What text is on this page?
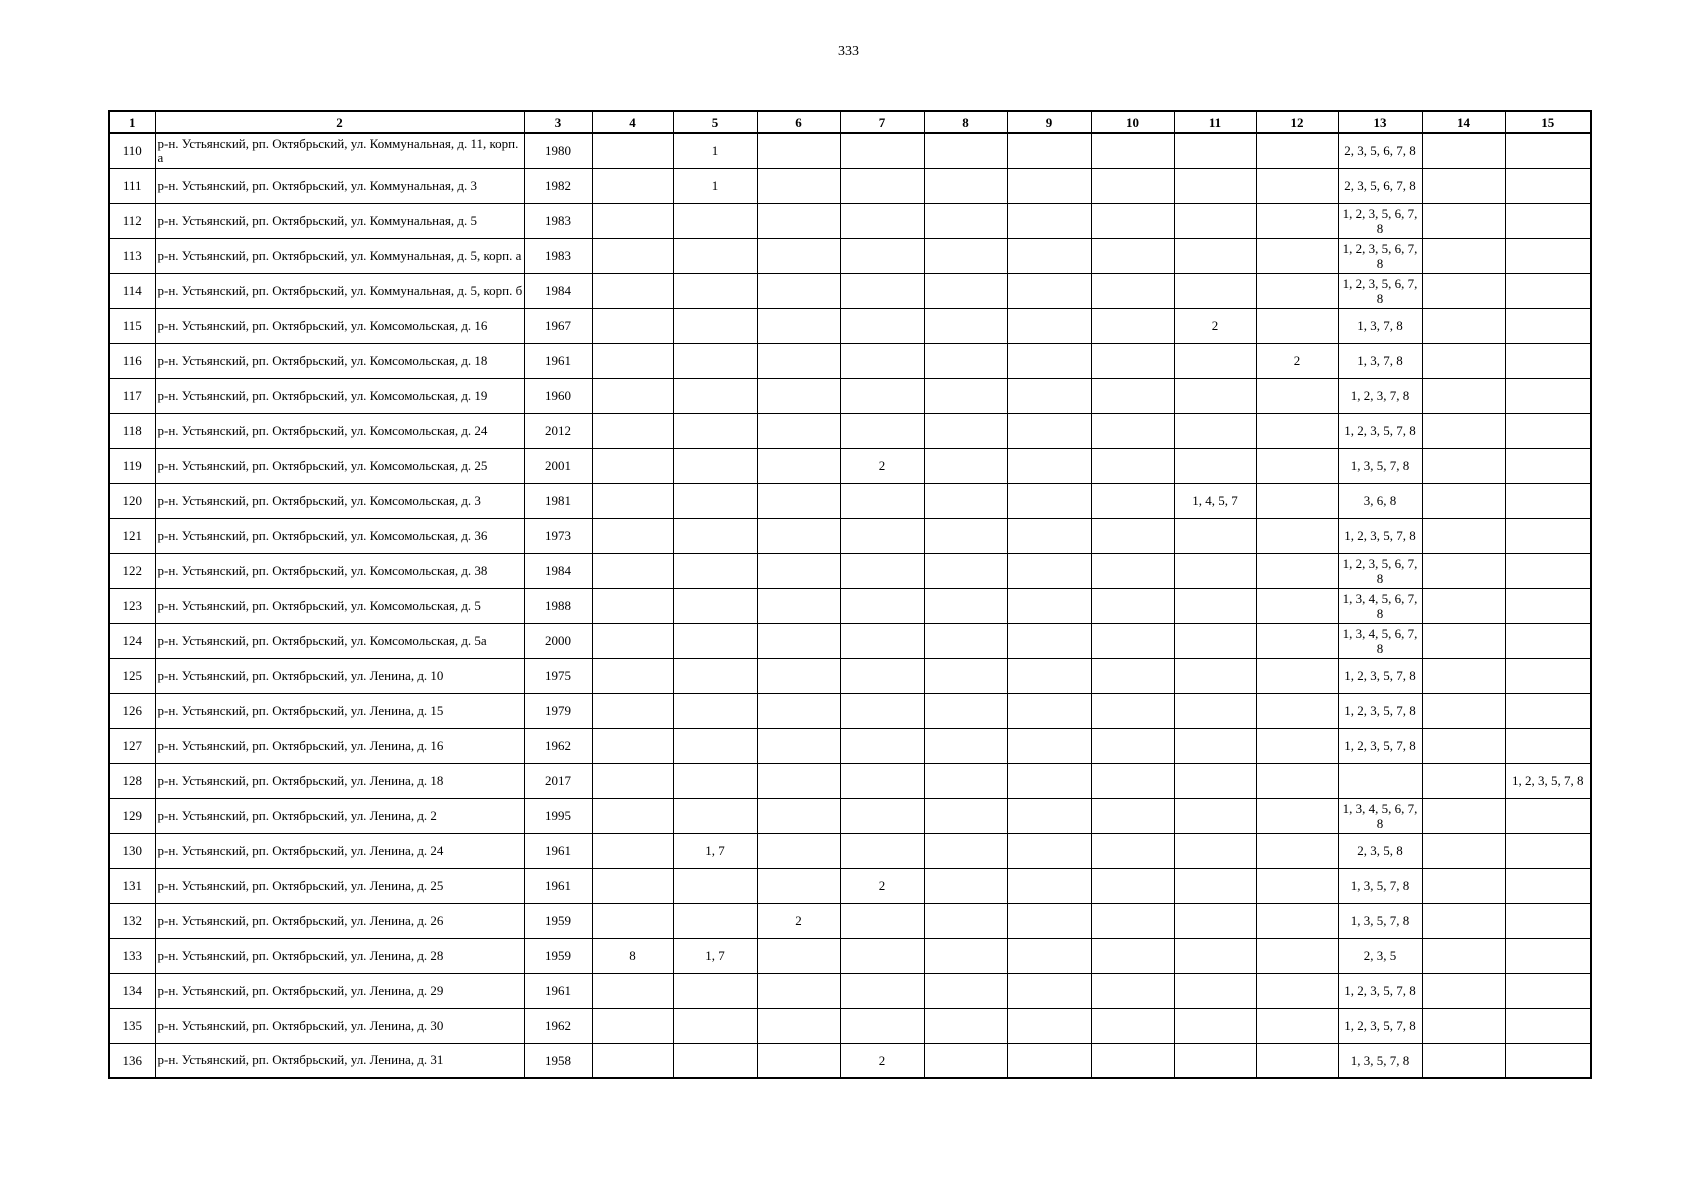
333
1	2	3	4	5	6	7	8	9	10	11	12	13	14	15
110	р-н. Устьянский, рп. Октябрьский, ул. Коммунальная, д. 11, корп. а	1980		1								2, 3, 5, 6, 7, 8		
111	р-н. Устьянский, рп. Октябрьский, ул. Коммунальная, д. 3	1982		1								2, 3, 5, 6, 7, 8		
112	р-н. Устьянский, рп. Октябрьский, ул. Коммунальная, д. 5	1983										1, 2, 3, 5, 6, 7, 8		
113	р-н. Устьянский, рп. Октябрьский, ул. Коммунальная, д. 5, корп. а	1983										1, 2, 3, 5, 6, 7, 8		
114	р-н. Устьянский, рп. Октябрьский, ул. Коммунальная, д. 5, корп. б	1984										1, 2, 3, 5, 6, 7, 8		
115	р-н. Устьянский, рп. Октябрьский, ул. Комсомольская, д. 16	1967								2		1, 3, 7, 8		
116	р-н. Устьянский, рп. Октябрьский, ул. Комсомольская, д. 18	1961									2	1, 3, 7, 8		
117	р-н. Устьянский, рп. Октябрьский, ул. Комсомольская, д. 19	1960										1, 2, 3, 7, 8		
118	р-н. Устьянский, рп. Октябрьский, ул. Комсомольская, д. 24	2012										1, 2, 3, 5, 7, 8		
119	р-н. Устьянский, рп. Октябрьский, ул. Комсомольская, д. 25	2001				2						1, 3, 5, 7, 8		
120	р-н. Устьянский, рп. Октябрьский, ул. Комсомольская, д. 3	1981								1, 4, 5, 7		3, 6, 8		
121	р-н. Устьянский, рп. Октябрьский, ул. Комсомольская, д. 36	1973										1, 2, 3, 5, 7, 8		
122	р-н. Устьянский, рп. Октябрьский, ул. Комсомольская, д. 38	1984										1, 2, 3, 5, 6, 7, 8		
123	р-н. Устьянский, рп. Октябрьский, ул. Комсомольская, д. 5	1988										1, 3, 4, 5, 6, 7, 8		
124	р-н. Устьянский, рп. Октябрьский, ул. Комсомольская, д. 5а	2000										1, 3, 4, 5, 6, 7, 8		
125	р-н. Устьянский, рп. Октябрьский, ул. Ленина, д. 10	1975										1, 2, 3, 5, 7, 8		
126	р-н. Устьянский, рп. Октябрьский, ул. Ленина, д. 15	1979										1, 2, 3, 5, 7, 8		
127	р-н. Устьянский, рп. Октябрьский, ул. Ленина, д. 16	1962										1, 2, 3, 5, 7, 8		
128	р-н. Устьянский, рп. Октябрьский, ул. Ленина, д. 18	2017												1, 2, 3, 5, 7, 8
129	р-н. Устьянский, рп. Октябрьский, ул. Ленина, д. 2	1995										1, 3, 4, 5, 6, 7, 8		
130	р-н. Устьянский, рп. Октябрьский, ул. Ленина, д. 24	1961		1, 7								2, 3, 5, 8		
131	р-н. Устьянский, рп. Октябрьский, ул. Ленина, д. 25	1961				2						1, 3, 5, 7, 8		
132	р-н. Устьянский, рп. Октябрьский, ул. Ленина, д. 26	1959			2							1, 3, 5, 7, 8		
133	р-н. Устьянский, рп. Октябрьский, ул. Ленина, д. 28	1959	8	1, 7								2, 3, 5		
134	р-н. Устьянский, рп. Октябрьский, ул. Ленина, д. 29	1961										1, 2, 3, 5, 7, 8		
135	р-н. Устьянский, рп. Октябрьский, ул. Ленина, д. 30	1962										1, 2, 3, 5, 7, 8		
136	р-н. Устьянский, рп. Октябрьский, ул. Ленина, д. 31	1958				2						1, 3, 5, 7, 8		
